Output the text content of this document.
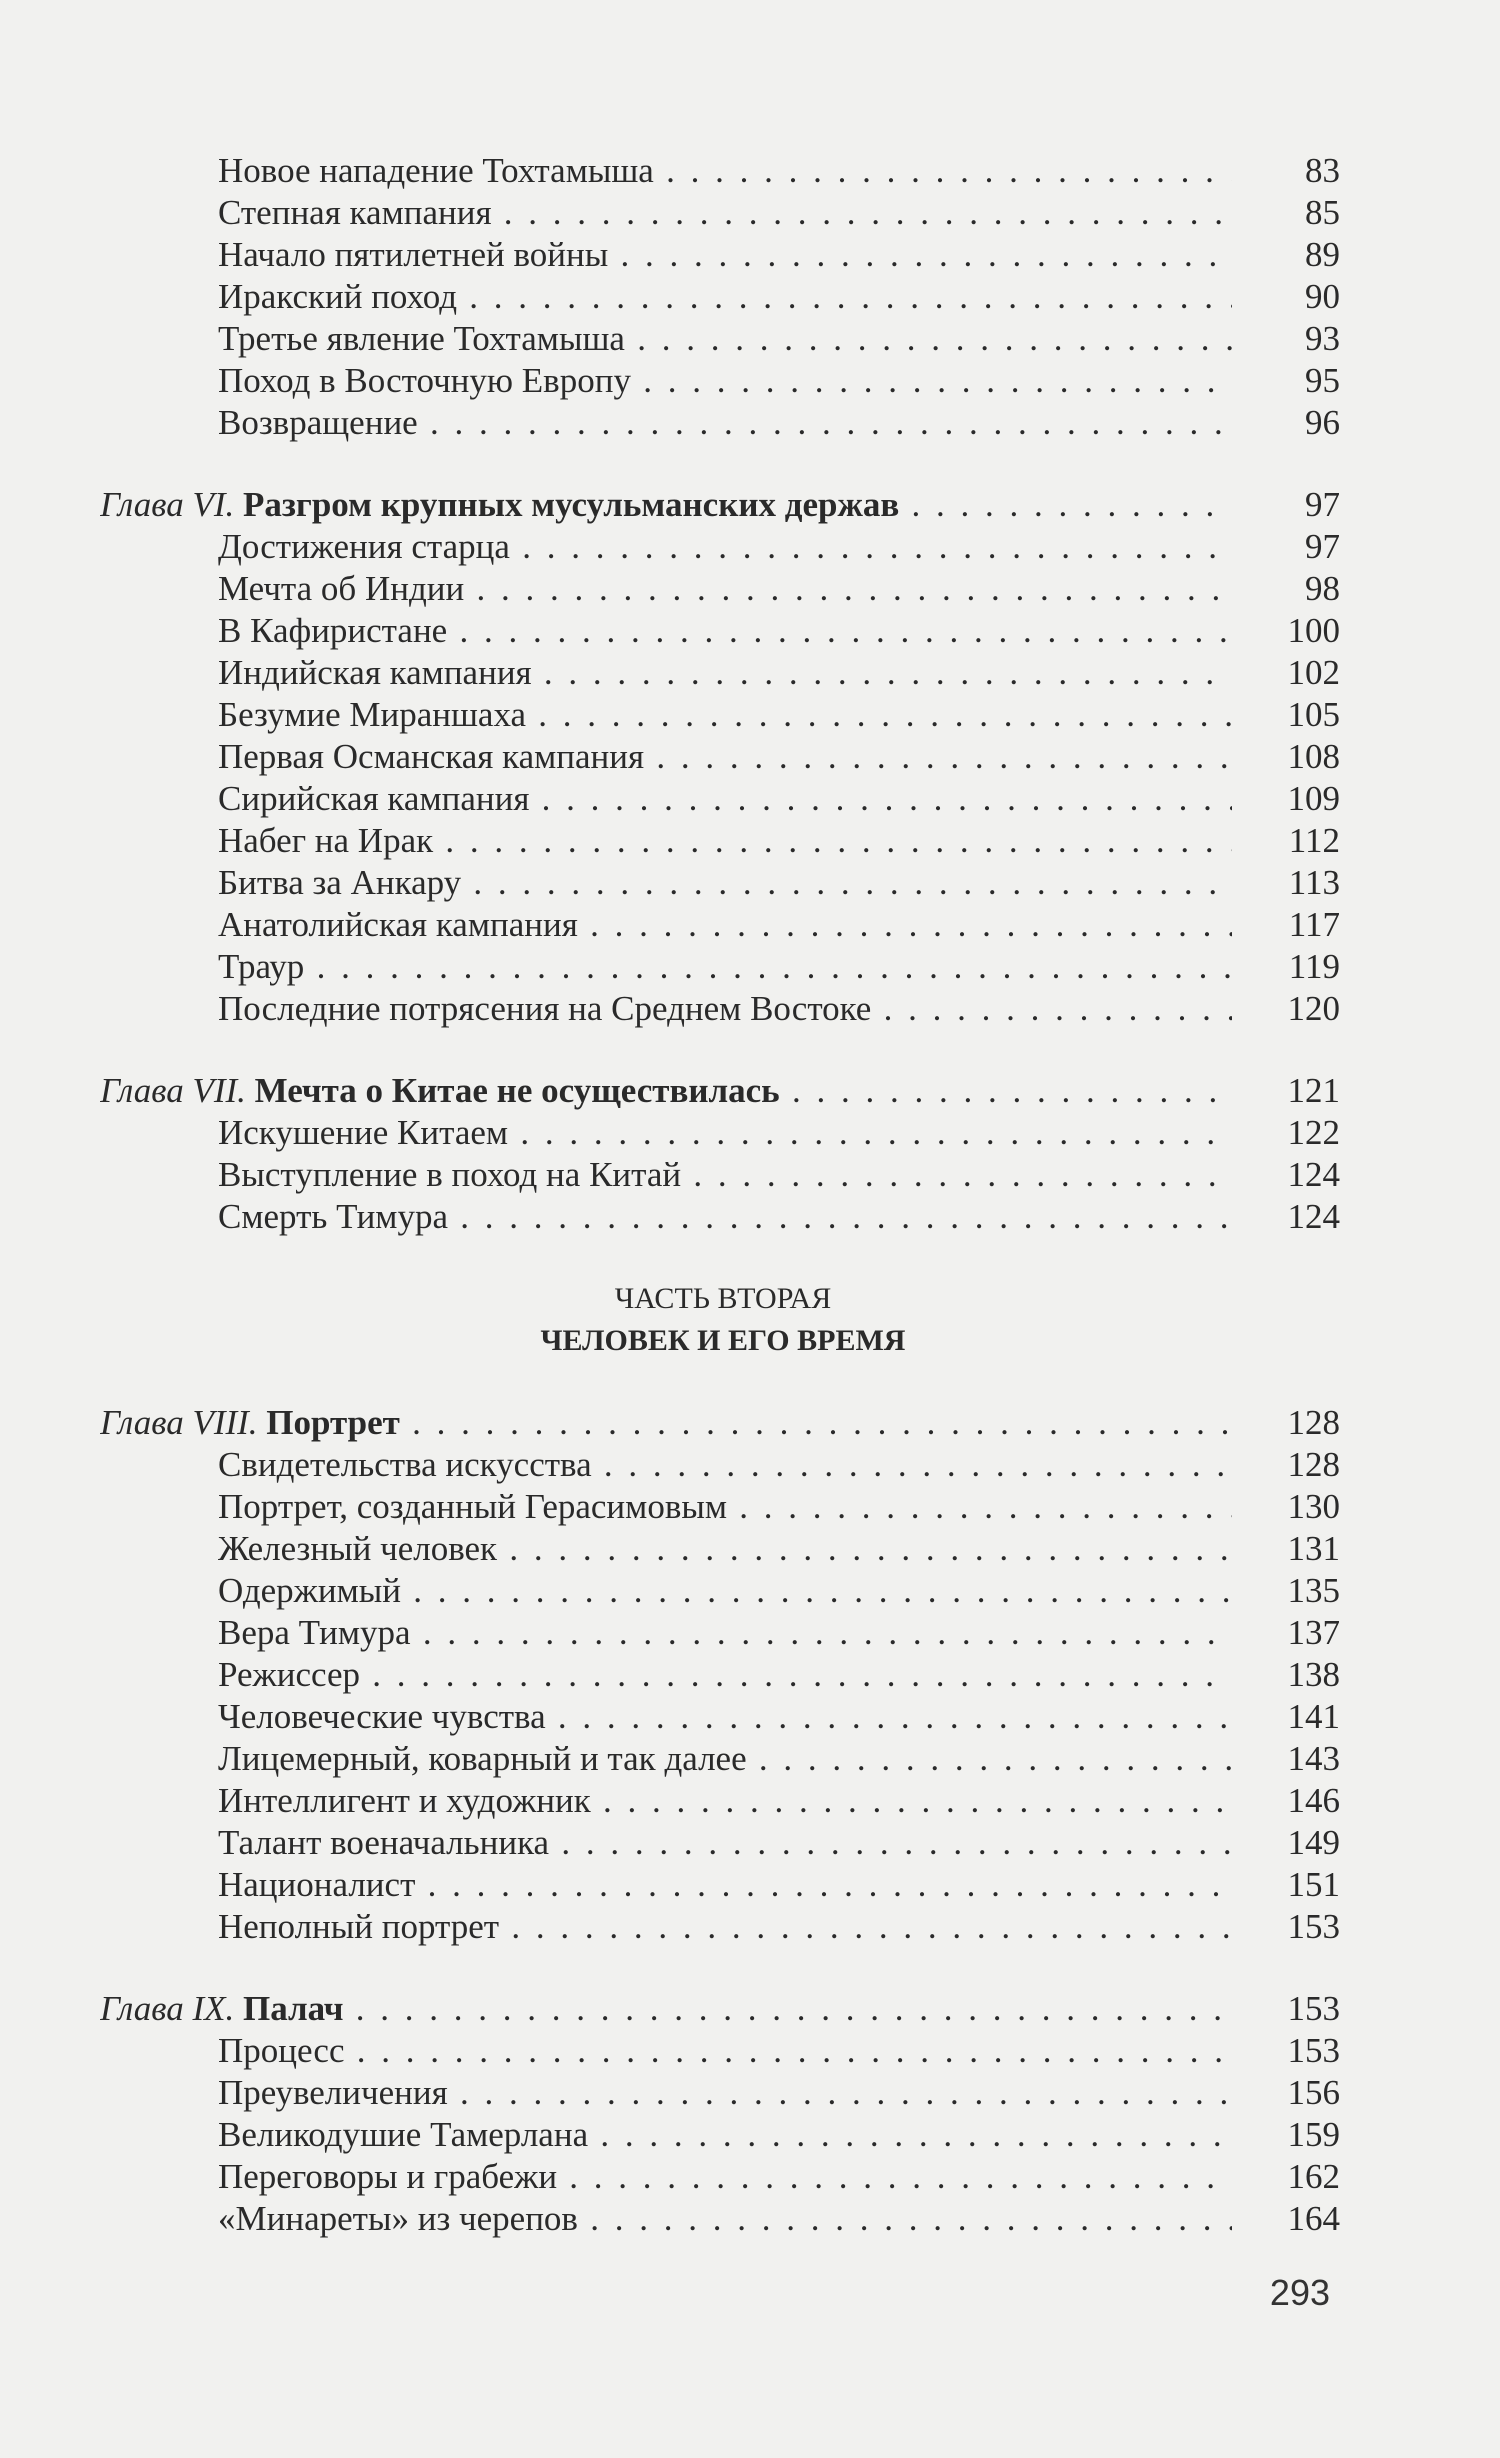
Новое нападение Тохтамыша . . .	83
Степная кампания . . .	85
Начало пятилетней войны . . .	89
Иракский поход . . .	90
Третье явление Тохтамыша . . .	93
Поход в Восточную Европу . . .	95
Возвращение . . .	96
Глава VI. Разгром крупных мусульманских держав . . .	97
Достижения старца . . .	97
Мечта об Индии . . .	98
В Кафиристане . . .	100
Индийская кампания . . .	102
Безумие Мираншаха . . .	105
Первая Османская кампания . . .	108
Сирийская кампания . . .	109
Набег на Ирак . . .	112
Битва за Анкару . . .	113
Анатолийская кампания . . .	117
Траур . . .	119
Последние потрясения на Среднем Востоке . . .	120
Глава VII. Мечта о Китае не осуществилась . . .	121
Искушение Китаем . . .	122
Выступление в поход на Китай . . .	124
Смерть Тимура . . .	124
ЧАСТЬ ВТОРАЯ
ЧЕЛОВЕК И ЕГО ВРЕМЯ
Глава VIII. Портрет . . .	128
Свидетельства искусства . . .	128
Портрет, созданный Герасимовым . . .	130
Железный человек . . .	131
Одержимый . . .	135
Вера Тимура . . .	137
Режиссер . . .	138
Человеческие чувства . . .	141
Лицемерный, коварный и так далее . . .	143
Интеллигент и художник . . .	146
Талант военачальника . . .	149
Националист . . .	151
Неполный портрет . . .	153
Глава IX. Палач . . .	153
Процесс . . .	153
Преувеличения . . .	156
Великодушие Тамерлана . . .	159
Переговоры и грабежи . . .	162
«Минареты» из черепов . . .	164
293
